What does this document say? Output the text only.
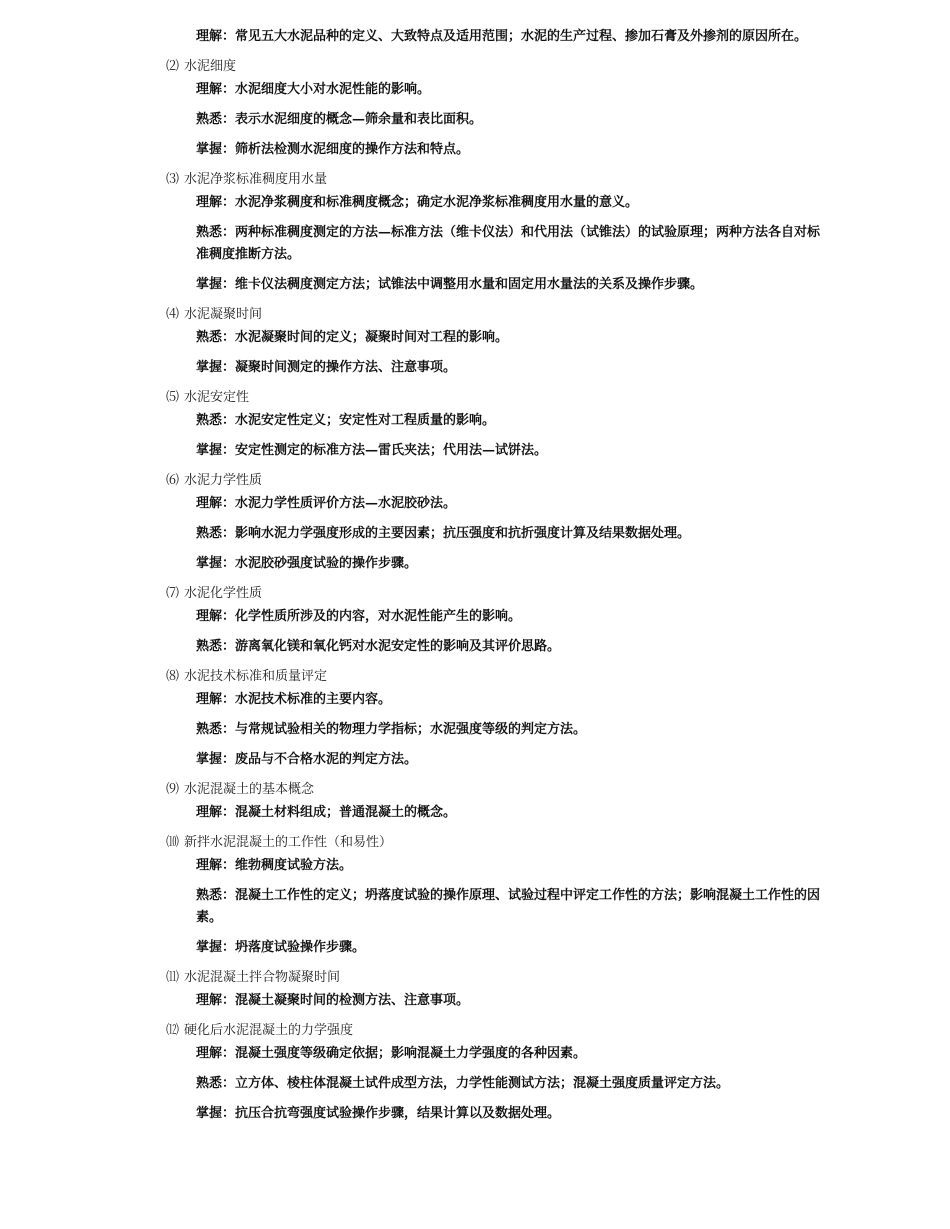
理解：常见五大水泥品种的定义、大致特点及适用范围；水泥的生产过程、掺加石膏及外掺剂的原因所在。

⑵ 水泥细度

理解：水泥细度大小对水泥性能的影响。

熟悉：表示水泥细度的概念—筛余量和表比面积。

掌握：筛析法检测水泥细度的操作方法和特点。

⑶ 水泥净浆标准稠度用水量

理解：水泥净浆稠度和标准稠度概念；确定水泥净浆标准稠度用水量的意义。

熟悉：两种标准稠度测定的方法—标准方法（维卡仪法）和代用法（试锥法）的试验原理；两种方法各自对标准稠度推断方法。

掌握：维卡仪法稠度测定方法；试锥法中调整用水量和固定用水量法的关系及操作步骤。

⑷ 水泥凝聚时间

熟悉：水泥凝聚时间的定义；凝聚时间对工程的影响。

掌握：凝聚时间测定的操作方法、注意事项。

⑸ 水泥安定性

熟悉：水泥安定性定义；安定性对工程质量的影响。

掌握：安定性测定的标准方法—雷氏夹法；代用法—试饼法。

⑹ 水泥力学性质

理解：水泥力学性质评价方法—水泥胶砂法。

熟悉：影响水泥力学强度形成的主要因素；抗压强度和抗折强度计算及结果数据处理。

掌握：水泥胶砂强度试验的操作步骤。

⑺ 水泥化学性质

理解：化学性质所涉及的内容，对水泥性能产生的影响。

熟悉：游离氧化镁和氧化钙对水泥安定性的影响及其评价思路。

⑻ 水泥技术标准和质量评定

理解：水泥技术标准的主要内容。

熟悉：与常规试验相关的物理力学指标；水泥强度等级的判定方法。

掌握：废品与不合格水泥的判定方法。

⑼ 水泥混凝土的基本概念

理解：混凝土材料组成；普通混凝土的概念。

⑽ 新拌水泥混凝土的工作性（和易性）

理解：维勃稠度试验方法。

熟悉：混凝土工作性的定义；坍落度试验的操作原理、试验过程中评定工作性的方法；影响混凝土工作性的因素。

掌握：坍落度试验操作步骤。

⑾ 水泥混凝土拌合物凝聚时间

理解：混凝土凝聚时间的检测方法、注意事项。

⑿ 硬化后水泥混凝土的力学强度

理解：混凝土强度等级确定依据；影响混凝土力学强度的各种因素。

熟悉：立方体、棱柱体混凝土试件成型方法，力学性能测试方法；混凝土强度质量评定方法。

掌握：抗压合抗弯强度试验操作步骤，结果计算以及数据处理。
